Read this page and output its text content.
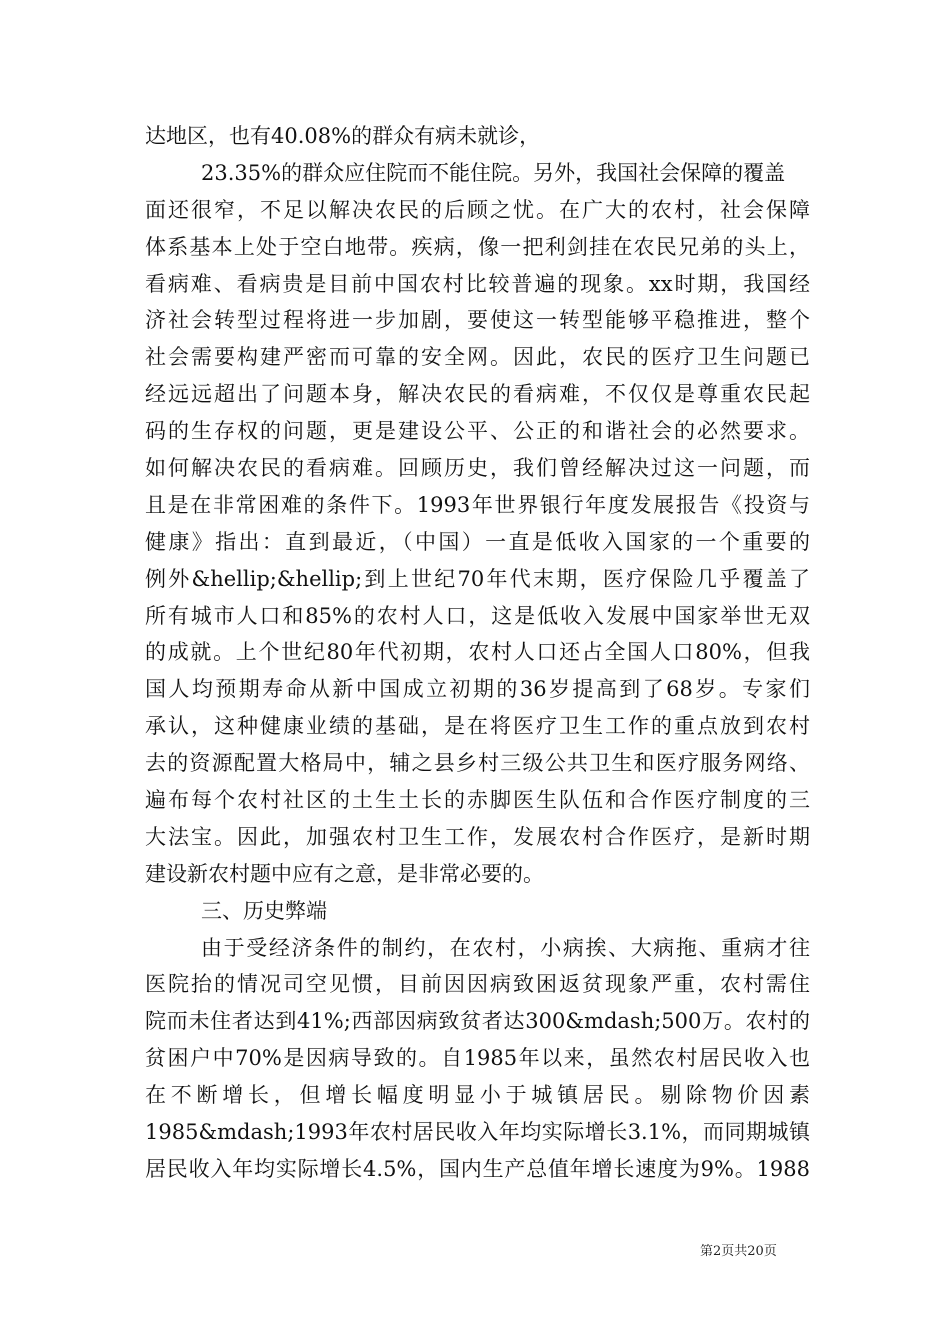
达地区，也有40.08%的群众有病未就诊，
23.35%的群众应住院而不能住院。另外，我国社会保障的覆盖
面还很窄，不足以解决农民的后顾之忧。在广大的农村，社会保障
体系基本上处于空白地带。疾病，像一把利剑挂在农民兄弟的头上，
看病难、看病贵是目前中国农村比较普遍的现象。xx时期，我国经
济社会转型过程将进一步加剧，要使这一转型能够平稳推进，整个
社会需要构建严密而可靠的安全网。因此，农民的医疗卫生问题已
经远远超出了问题本身，解决农民的看病难，不仅仅是尊重农民起
码的生存权的问题，更是建设公平、公正的和谐社会的必然要求。
如何解决农民的看病难。回顾历史，我们曾经解决过这一问题，而
且是在非常困难的条件下。1993年世界银行年度发展报告《投资与
健康》指出：直到最近，（中国）一直是低收入国家的一个重要的
例外&hellip;&hellip;到上世纪70年代末期，医疗保险几乎覆盖了
所有城市人口和85%的农村人口，这是低收入发展中国家举世无双
的成就。上个世纪80年代初期，农村人口还占全国人口80%，但我
国人均预期寿命从新中国成立初期的36岁提高到了68岁。专家们
承认，这种健康业绩的基础，是在将医疗卫生工作的重点放到农村
去的资源配置大格局中，辅之县乡村三级公共卫生和医疗服务网络、
遍布每个农村社区的土生土长的赤脚医生队伍和合作医疗制度的三
大法宝。因此，加强农村卫生工作，发展农村合作医疗，是新时期
建设新农村题中应有之意，是非常必要的。
三、历史弊端
由于受经济条件的制约，在农村，小病挨、大病拖、重病才往
医院抬的情况司空见惯，目前因因病致困返贫现象严重，农村需住
院而未住者达到41%;西部因病致贫者达300&mdash;500万。农村的
贫困户中70%是因病导致的。自1985年以来，虽然农村居民收入也
在不断增长，但增长幅度明显小于城镇居民。剔除物价因素
1985&mdash;1993年农村居民收入年均实际增长3.1%，而同期城镇
居民收入年均实际增长4.5%，国内生产总值年增长速度为9%。1988
第2页共20页
